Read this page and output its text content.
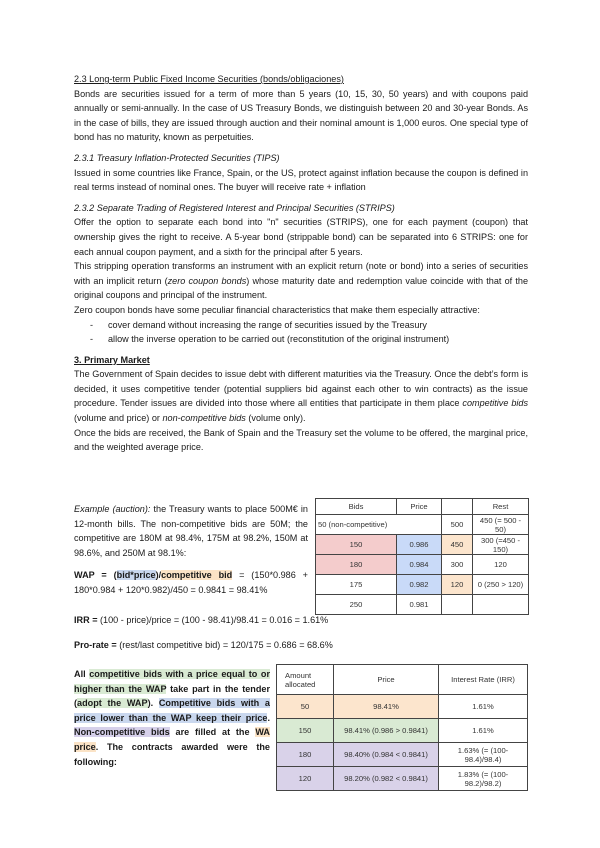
2.3 Long-term Public Fixed Income Securities (bonds/obligaciones)

Bonds are securities issued for a term of more than 5 years (10, 15, 30, 50 years) and with coupons paid annually or semi-annually. In the case of US Treasury Bonds, we distinguish between 20 and 30-year Bonds. As in the case of bills, they are issued through auction and their nominal amount is 1,000 euros. One special type of bond has no maturity, known as perpetuities.

2.3.1 Treasury Inflation-Protected Securities (TIPS)

Issued in some countries like France, Spain, or the US, protect against inflation because the coupon is defined in real terms instead of nominal ones. The buyer will receive rate + inflation

2.3.2 Separate Trading of Registered Interest and Principal Securities (STRIPS)

Offer the option to separate each bond into "n" securities (STRIPS), one for each payment (coupon) that ownership gives the right to receive. A 5-year bond (strippable bond) can be separated into 6 STRIPS: one for each annual coupon payment, and a sixth for the principal after 5 years.

This stripping operation transforms an instrument with an explicit return (note or bond) into a series of securities with an implicit return (zero coupon bonds) whose maturity date and redemption value coincide with that of the original coupons and principal of the instrument.

Zero coupon bonds have some peculiar financial characteristics that make them especially attractive:

- cover demand without increasing the range of securities issued by the Treasury

- allow the inverse operation to be carried out (reconstitution of the original instrument)

3. Primary Market

The Government of Spain decides to issue debt with different maturities via the Treasury. Once the debt’s form is decided, it uses competitive tender (potential suppliers bid against each other to win contracts) as the issue procedure. Tender issues are divided into those where all entities that participate in them place competitive bids (volume and price) or non-competitive bids (volume only).

Once the bids are received, the Bank of Spain and the Treasury set the volume to be offered, the marginal price, and the weighted average price.

Example (auction): the Treasury wants to place 500M€ in 12-month bills. The non-competitive bids are 50M; the competitive are 180M at 98.4%, 175M at 98.2%, 150M at 98.6%, and 250M at 98.1%:

WAP = (bid*price)/competitive bid = (150*0.986 + 180*0.984 + 120*0.982)/450 = 0.9841 = 98.41%

Bids	Price		Rest
50 (non-competitive)		500	450 (= 500 - 50)
150	0.986	450	300 (=450 - 150)
180	0.984	300	120
175	0.982	120	0 (250 > 120)
250	0.981		

IRR = (100 - price)/price = (100 - 98.41)/98.41 = 0.016 = 1.61%

Pro-rate = (rest/last competitive bid) = 120/175 = 0.686 = 68.6%

All competitive bids with a price equal to or higher than the WAP take part in the tender (adopt the WAP). Competitive bids with a price lower than the WAP keep their price. Non-competitive bids are filled at the WA price. The contracts awarded were the following:

Amount allocated	Price	Interest Rate (IRR)
50	98.41%	1.61%
150	98.41% (0.986 > 0.9841)	1.61%
180	98.40% (0.984 < 0.9841)	1.63% (= (100-98.4)/98.4)
120	98.20% (0.982 < 0.9841)	1.83% (= (100-98.2)/98.2)
